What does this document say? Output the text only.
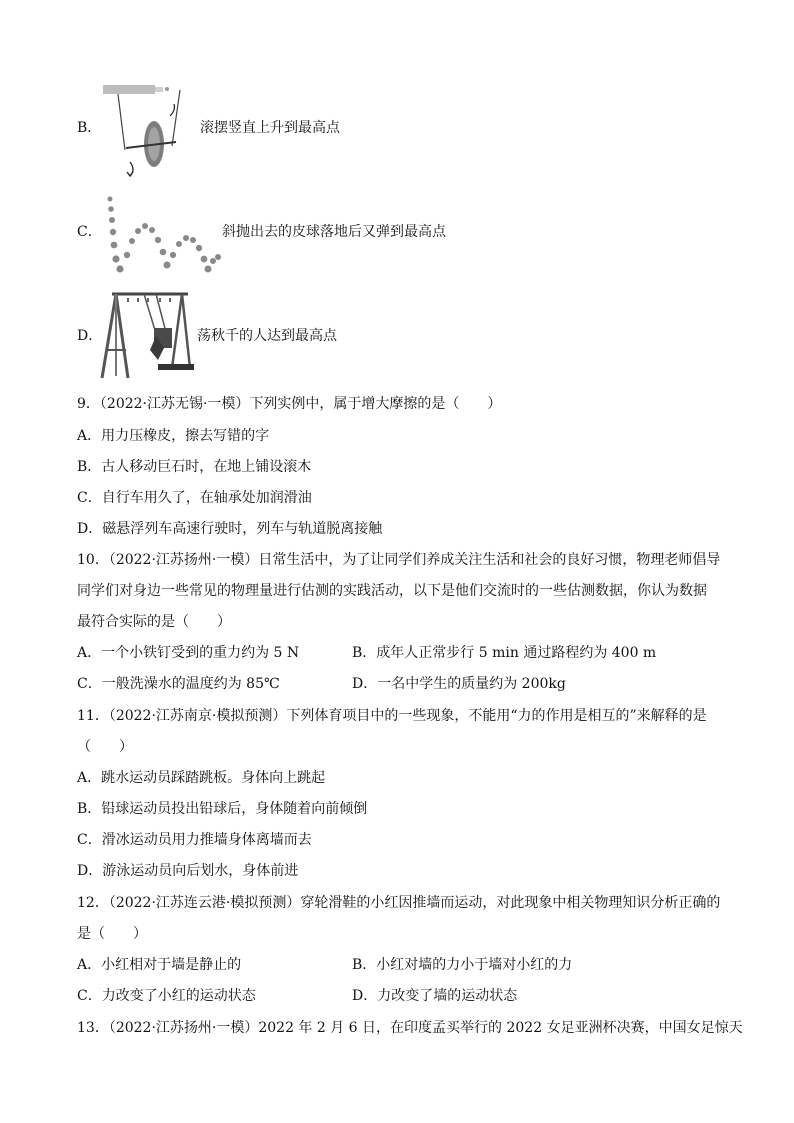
B．	滚摆竖直上升到最高点
C．	斜抛出去的皮球落地后又弹到最高点
D．	荡秋千的人达到最高点
9．（2022·江苏无锡·一模）下列实例中，属于增大摩擦的是（　　）
A．用力压橡皮，擦去写错的字
B．古人移动巨石时，在地上铺设滚木
C．自行车用久了，在轴承处加润滑油
D．磁悬浮列车高速行驶时，列车与轨道脱离接触
10．（2022·江苏扬州·一模）日常生活中，为了让同学们养成关注生活和社会的良好习惯，物理老师倡导
同学们对身边一些常见的物理量进行估测的实践活动，以下是他们交流时的一些估测数据，你认为数据
最符合实际的是（　　）
A．一个小铁钉受到的重力约为 5 N	B．成年人正常步行 5 min 通过路程约为 400 m
C．一般洗澡水的温度约为 85℃	D．一名中学生的质量约为 200kg
11．（2022·江苏南京·模拟预测）下列体育项目中的一些现象，不能用“力的作用是相互的”来解释的是
（　　）
A．跳水运动员踩踏跳板。身体向上跳起
B．铅球运动员投出铅球后，身体随着向前倾倒
C．滑冰运动员用力推墙身体离墙而去
D．游泳运动员向后划水，身体前进
12．（2022·江苏连云港·模拟预测）穿轮滑鞋的小红因推墙而运动，对此现象中相关物理知识分析正确的
是（　　）
A．小红相对于墙是静止的	B．小红对墙的力小于墙对小红的力
C．力改变了小红的运动状态	D．力改变了墙的运动状态
13．（2022·江苏扬州·一模）2022 年 2 月 6 日，在印度孟买举行的 2022 女足亚洲杯决赛，中国女足惊天
